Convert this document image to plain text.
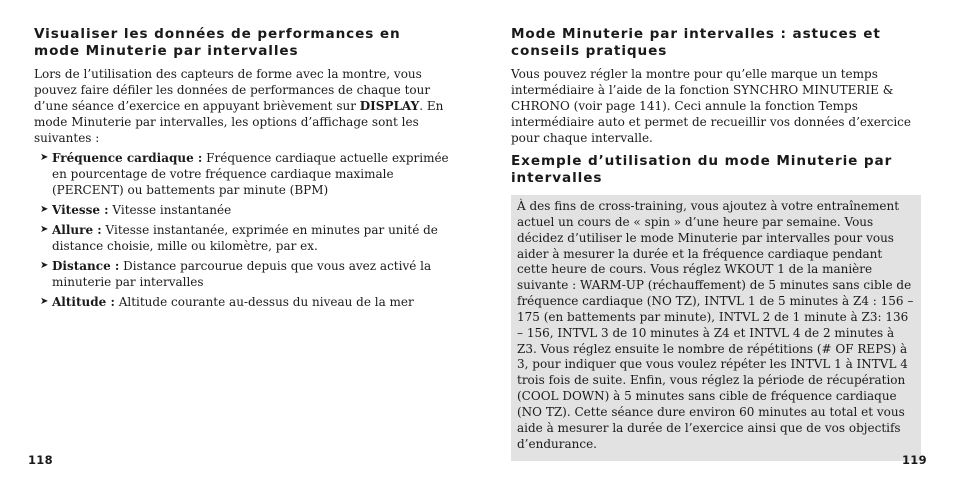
Visualiser les données de performances en mode Minuterie par intervalles

Lors de l’utilisation des capteurs de forme avec la montre, vous pouvez faire défiler les données de performances de chaque tour d’une séance d’exercice en appuyant brièvement sur DISPLAY. En mode Minuterie par intervalles, les options d’affichage sont les suivantes :

➤ Fréquence cardiaque : Fréquence cardiaque actuelle exprimée en pourcentage de votre fréquence cardiaque maximale (PERCENT) ou battements par minute (BPM)
➤ Vitesse : Vitesse instantanée
➤ Allure : Vitesse instantanée, exprimée en minutes par unité de distance choisie, mille ou kilomètre, par ex.
➤ Distance : Distance parcourue depuis que vous avez activé la minuterie par intervalles
➤ Altitude : Altitude courante au-dessus du niveau de la mer
Mode Minuterie par intervalles : astuces et conseils pratiques

Vous pouvez régler la montre pour qu’elle marque un temps intermédiaire à l’aide de la fonction SYNCHRO MINUTERIE & CHRONO (voir page 141). Ceci annule la fonction Temps intermédiaire auto et permet de recueillir vos données d’exercice pour chaque intervalle.

Exemple d’utilisation du mode Minuterie par intervalles

À des fins de cross-training, vous ajoutez à votre entraînement actuel un cours de « spin » d’une heure par semaine. Vous décidez d’utiliser le mode Minuterie par intervalles pour vous aider à mesurer la durée et la fréquence cardiaque pendant cette heure de cours. Vous réglez WKOUT 1 de la manière suivante : WARM-UP (réchauffement) de 5 minutes sans cible de fréquence cardiaque (NO TZ), INTVL 1 de 5 minutes à Z4 : 156 – 175 (en battements par minute), INTVL 2 de 1 minute à Z3: 136 – 156, INTVL 3 de 10 minutes à Z4 et INTVL 4 de 2 minutes à Z3. Vous réglez ensuite le nombre de répétitions (# OF REPS) à 3, pour indiquer que vous voulez répéter les INTVL 1 à INTVL 4 trois fois de suite. Enfin, vous réglez la période de récupération (COOL DOWN) à 5 minutes sans cible de fréquence cardiaque (NO TZ). Cette séance dure environ 60 minutes au total et vous aide à mesurer la durée de l’exercice ainsi que de vos objectifs d’endurance.

118	119
